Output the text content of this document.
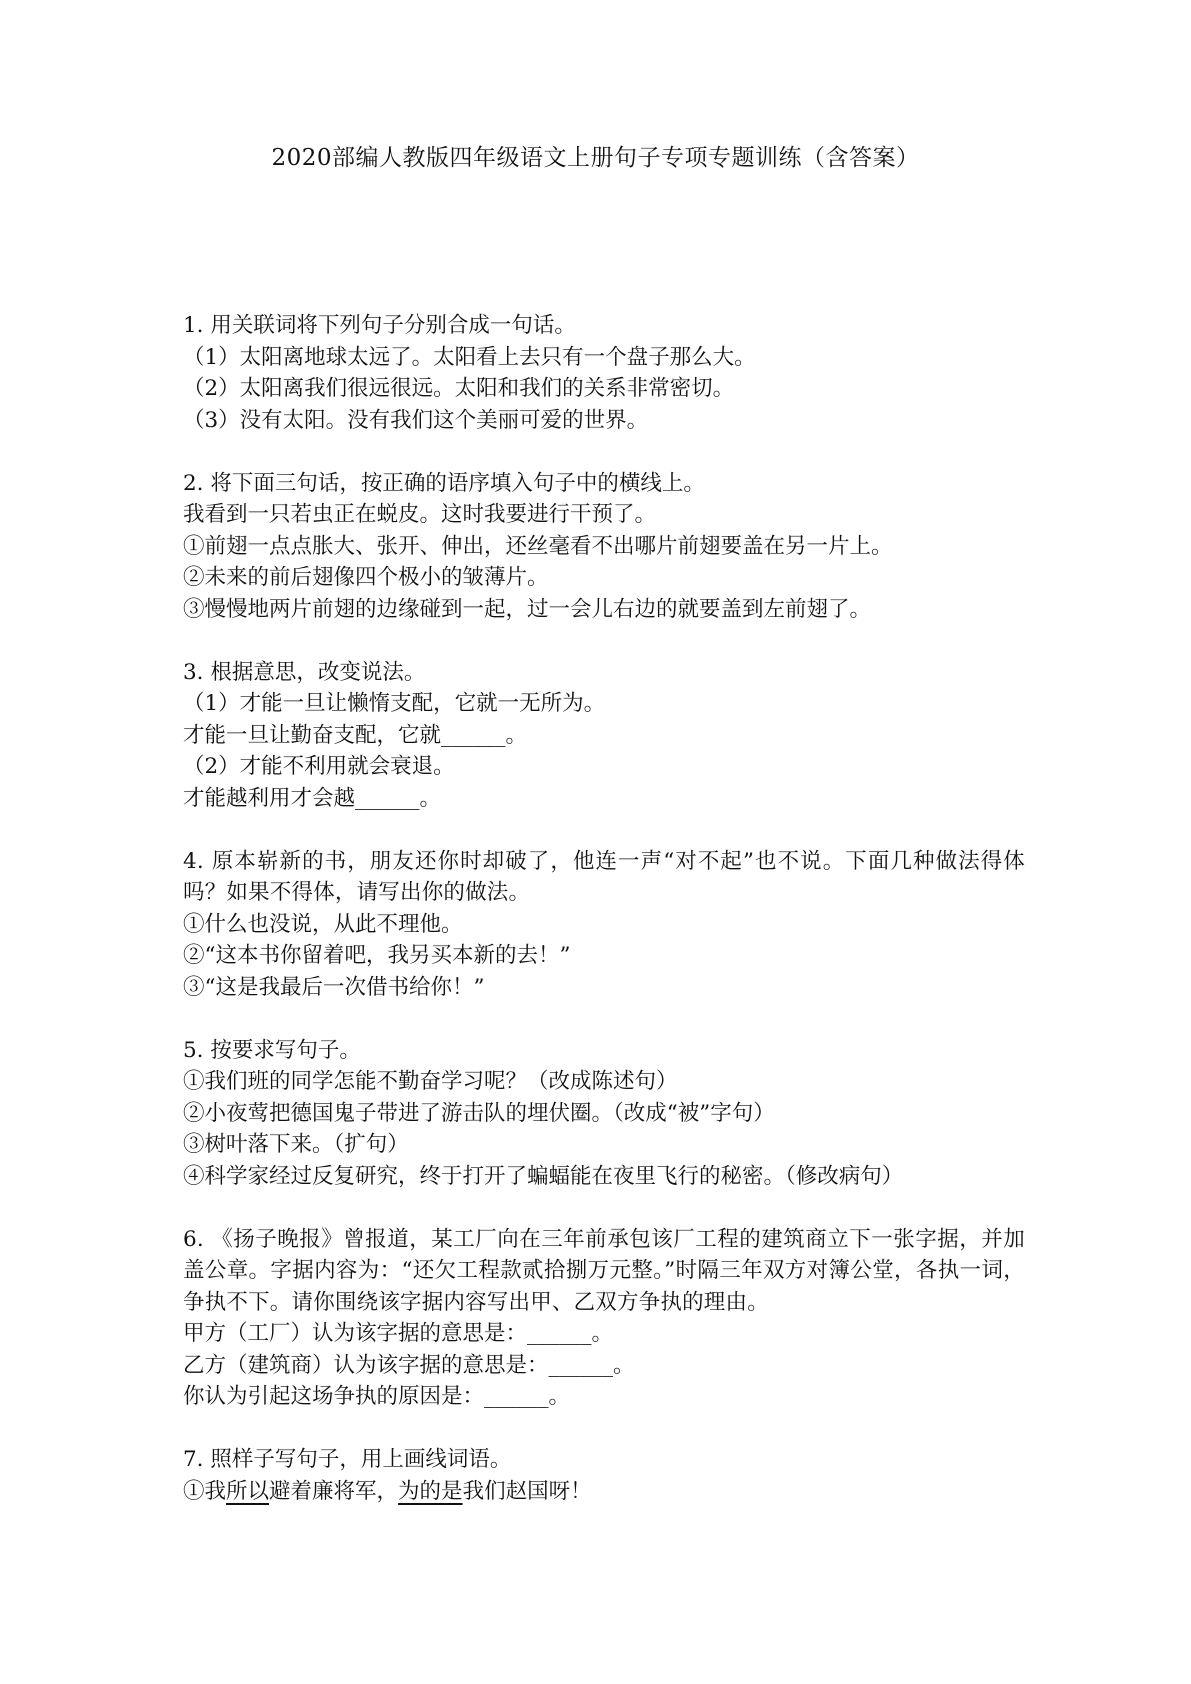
2020部编人教版四年级语文上册句子专项专题训练（含答案）
1. 用关联词将下列句子分别合成一句话。
（1）太阳离地球太远了。太阳看上去只有一个盘子那么大。
（2）太阳离我们很远很远。太阳和我们的关系非常密切。
（3）没有太阳。没有我们这个美丽可爱的世界。
2. 将下面三句话，按正确的语序填入句子中的横线上。
我看到一只若虫正在蜕皮。这时我要进行干预了。
①前翅一点点胀大、张开、伸出，还丝毫看不出哪片前翅要盖在另一片上。
②未来的前后翅像四个极小的皱薄片。
③慢慢地两片前翅的边缘碰到一起，过一会儿右边的就要盖到左前翅了。
3. 根据意思，改变说法。
（1）才能一旦让懒惰支配，它就一无所为。
才能一旦让勤奋支配，它就______。
（2）才能不利用就会衰退。
才能越利用才会越______。
4. 原本崭新的书，朋友还你时却破了，他连一声“对不起”也不说。下面几种做法得体吗？如果不得体，请写出你的做法。
①什么也没说，从此不理他。
②“这本书你留着吧，我另买本新的去！”
③“这是我最后一次借书给你！”
5. 按要求写句子。
①我们班的同学怎能不勤奋学习呢？（改成陈述句）
②小夜莺把德国鬼子带进了游击队的埋伏圈。（改成“被”字句）
③树叶落下来。（扩句）
④科学家经过反复研究，终于打开了蝙蝠能在夜里飞行的秘密。（修改病句）
6. 《扬子晚报》曾报道，某工厂向在三年前承包该厂工程的建筑商立下一张字据，并加盖公章。字据内容为：“还欠工程款贰拾捌万元整。”时隔三年双方对簿公堂，各执一词，争执不下。请你围绕该字据内容写出甲、乙双方争执的理由。
甲方（工厂）认为该字据的意思是：______。
乙方（建筑商）认为该字据的意思是：______。
你认为引起这场争执的原因是：______。
7. 照样子写句子，用上画线词语。
①我所以避着廉将军，为的是我们赵国呀！
